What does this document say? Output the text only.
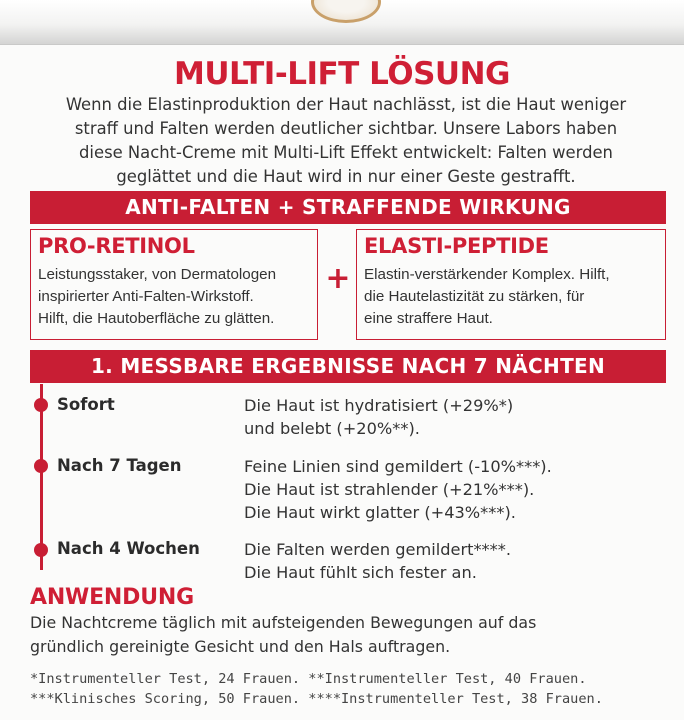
MULTI-LIFT LÖSUNG
Wenn die Elastinproduktion der Haut nachlässt, ist die Haut weniger
straff und Falten werden deutlicher sichtbar. Unsere Labors haben
diese Nacht-Creme mit Multi-Lift Effekt entwickelt: Falten werden
geglättet und die Haut wird in nur einer Geste gestrafft.
ANTI-FALTEN + STRAFFENDE WIRKUNG
PRO-RETINOL
Leistungsstaker, von Dermatologen
inspirierter Anti-Falten-Wirkstoff.
Hilft, die Hautoberfläche zu glätten.
+
ELASTI-PEPTIDE
Elastin-verstärkender Komplex. Hilft,
die Hautelastizität zu stärken, für
eine straffere Haut.
1. MESSBARE ERGEBNISSE NACH 7 NÄCHTEN
Sofort	Die Haut ist hydratisiert (+29%*)
und belebt (+20%**).
Nach 7 Tagen	Feine Linien sind gemildert (-10%***).
Die Haut ist strahlender (+21%***).
Die Haut wirkt glatter (+43%***).
Nach 4 Wochen	Die Falten werden gemildert****.
Die Haut fühlt sich fester an.
ANWENDUNG
Die Nachtcreme täglich mit aufsteigenden Bewegungen auf das
gründlich gereinigte Gesicht und den Hals auftragen.
*Instrumenteller Test, 24 Frauen. **Instrumenteller Test, 40 Frauen.
***Klinisches Scoring, 50 Frauen. ****Instrumenteller Test, 38 Frauen.
